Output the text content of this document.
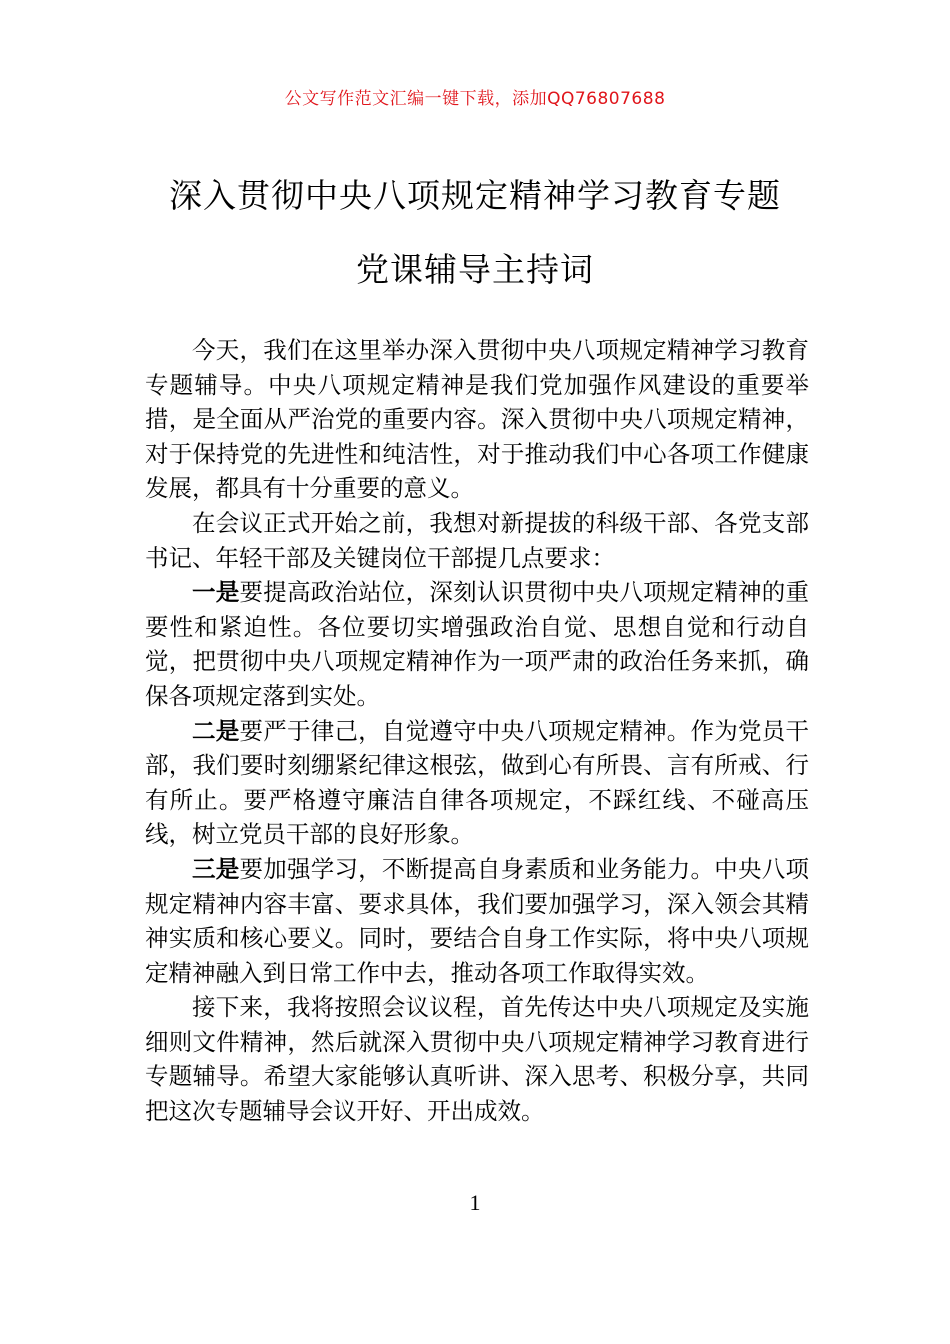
公文写作范文汇编一键下载，添加QQ76807688
深入贯彻中央八项规定精神学习教育专题
党课辅导主持词

今天，我们在这里举办深入贯彻中央八项规定精神学习教育专题辅导。中央八项规定精神是我们党加强作风建设的重要举措，是全面从严治党的重要内容。深入贯彻中央八项规定精神，对于保持党的先进性和纯洁性，对于推动我们中心各项工作健康发展，都具有十分重要的意义。

在会议正式开始之前，我想对新提拔的科级干部、各党支部书记、年轻干部及关键岗位干部提几点要求：

一是要提高政治站位，深刻认识贯彻中央八项规定精神的重要性和紧迫性。各位要切实增强政治自觉、思想自觉和行动自觉，把贯彻中央八项规定精神作为一项严肃的政治任务来抓，确保各项规定落到实处。

二是要严于律己，自觉遵守中央八项规定精神。作为党员干部，我们要时刻绷紧纪律这根弦，做到心有所畏、言有所戒、行有所止。要严格遵守廉洁自律各项规定，不踩红线、不碰高压线，树立党员干部的良好形象。

三是要加强学习，不断提高自身素质和业务能力。中央八项规定精神内容丰富、要求具体，我们要加强学习，深入领会其精神实质和核心要义。同时，要结合自身工作实际，将中央八项规定精神融入到日常工作中去，推动各项工作取得实效。

接下来，我将按照会议议程，首先传达中央八项规定及实施细则文件精神，然后就深入贯彻中央八项规定精神学习教育进行专题辅导。希望大家能够认真听讲、深入思考、积极分享，共同把这次专题辅导会议开好、开出成效。

1
